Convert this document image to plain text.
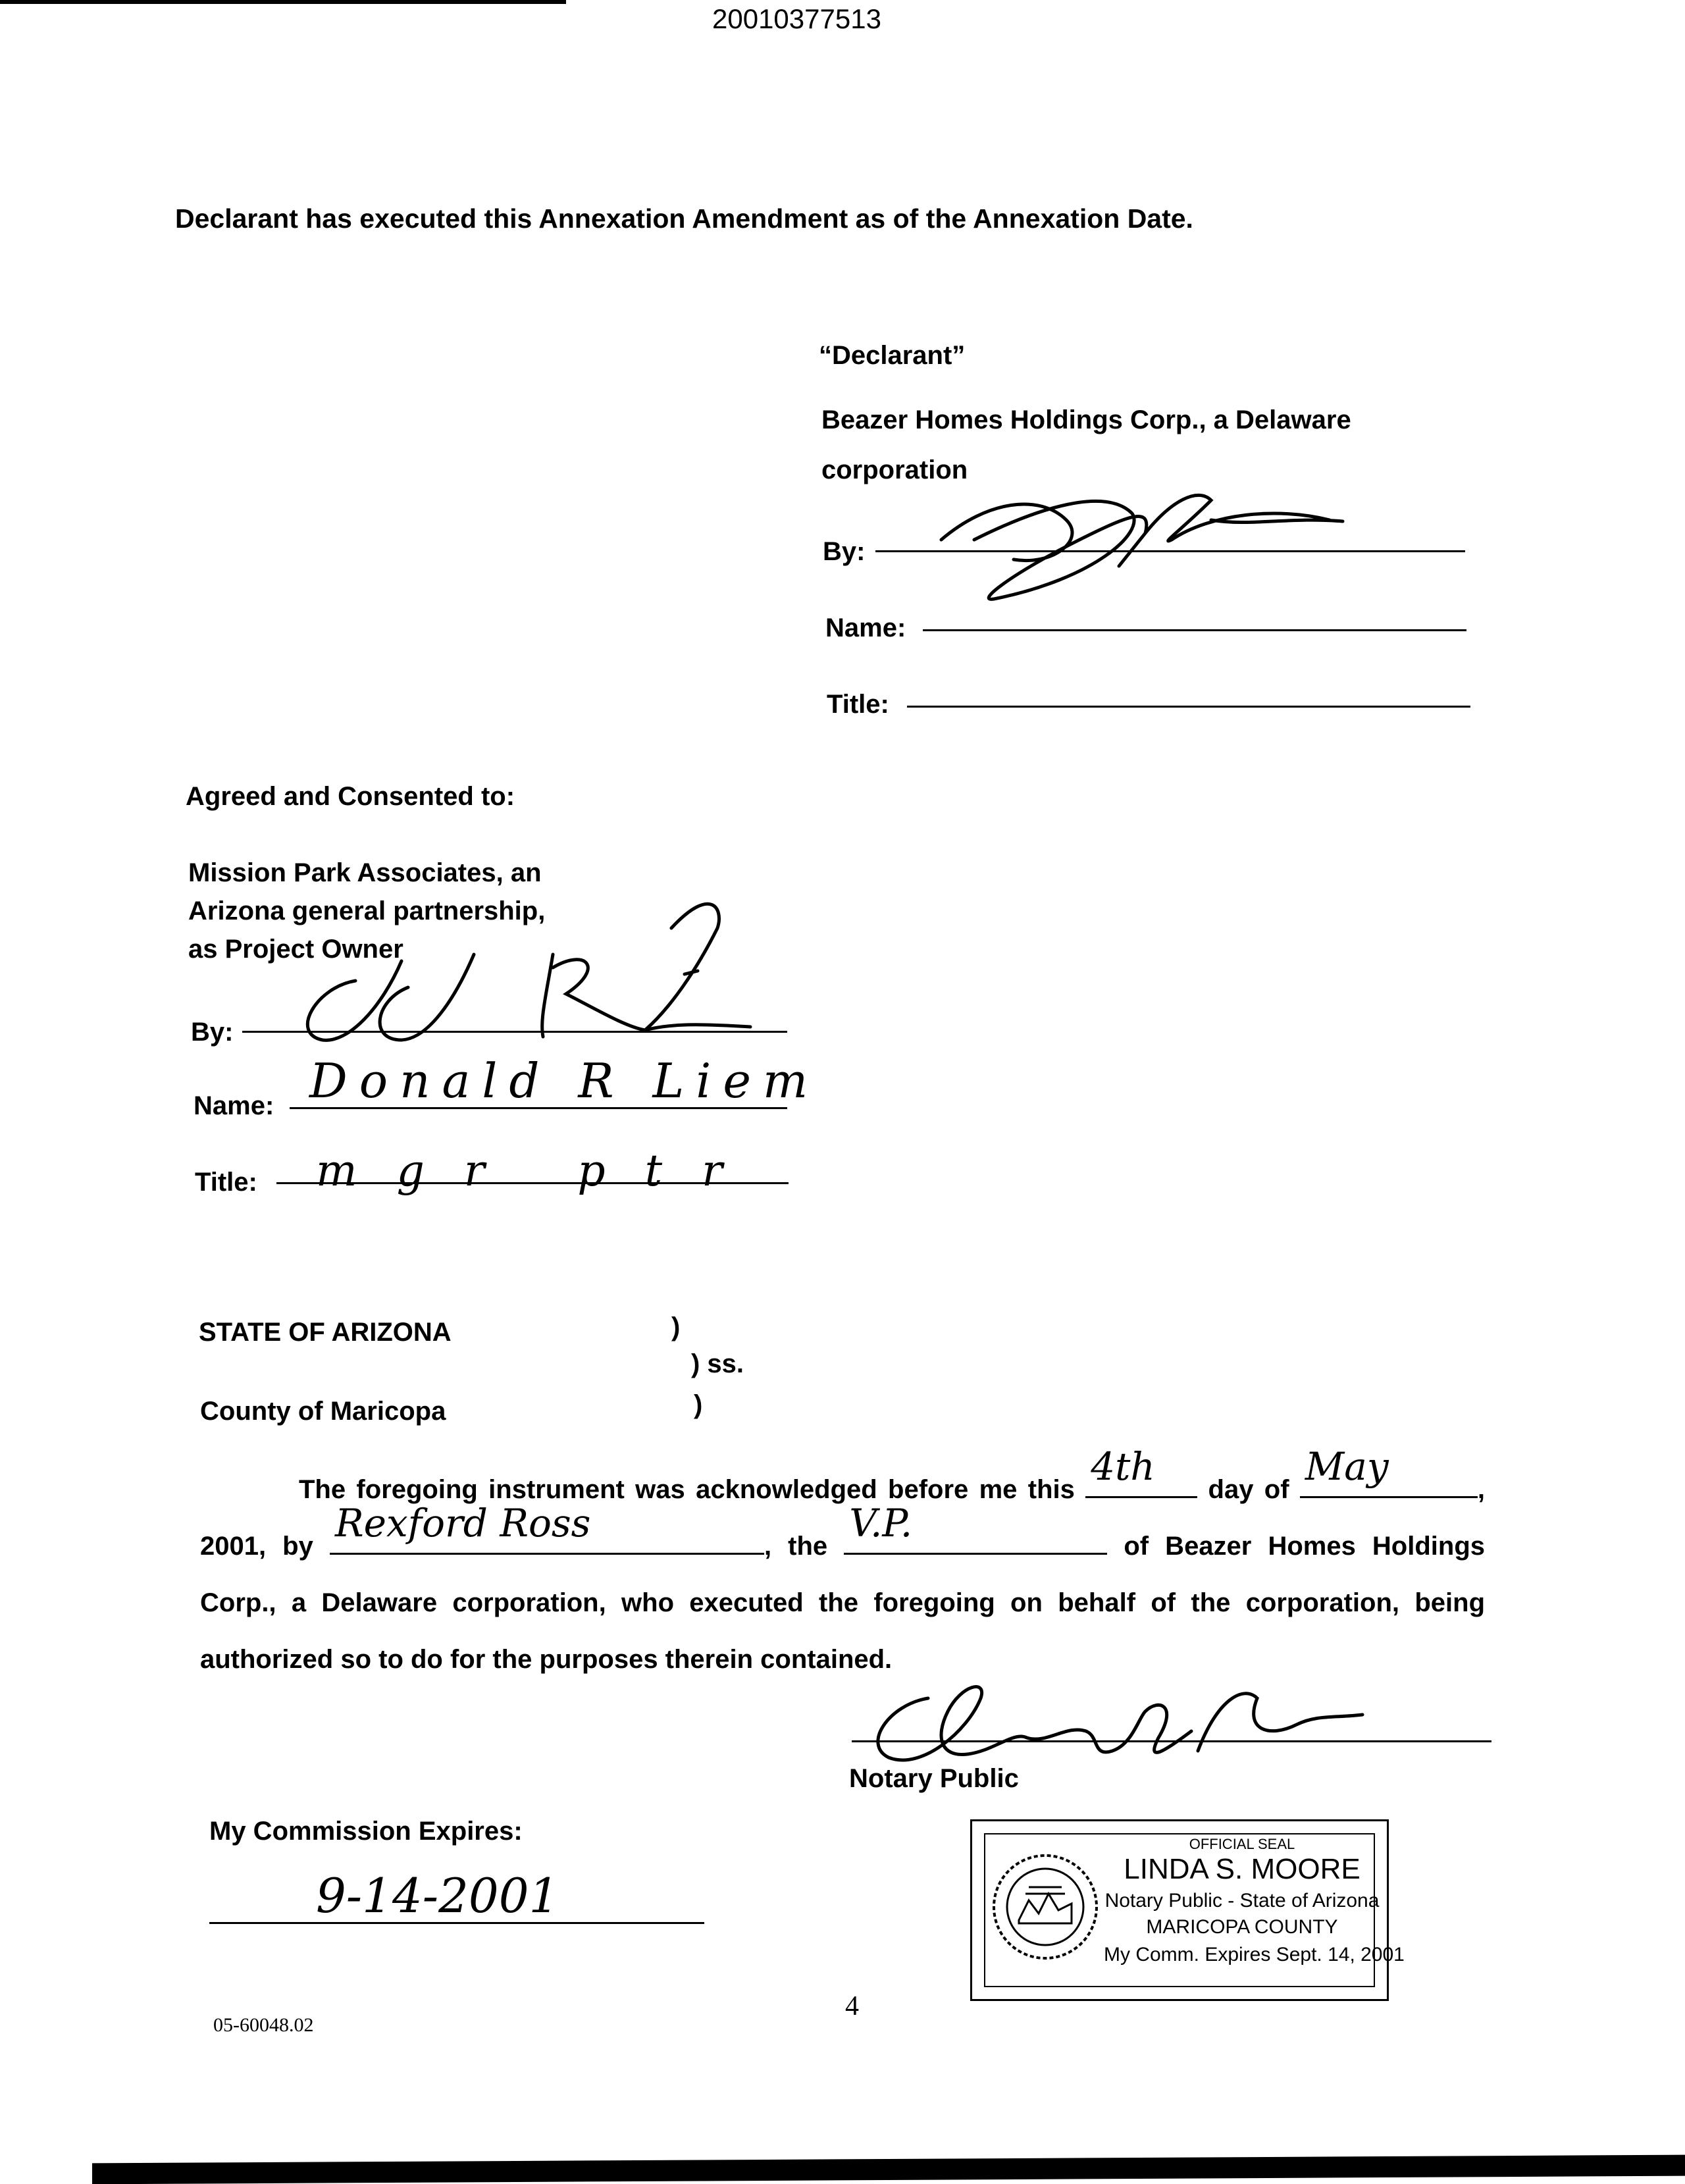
20010377513
Declarant has executed this Annexation Amendment as of the Annexation Date.
“Declarant”
Beazer Homes Holdings Corp., a Delaware
corporation
By:
Name:
Title:
Agreed and Consented to:
Mission Park Associates, an
Arizona general partnership,
as Project Owner
By:
Name: Donald R Liem
Title: mgr ptr
STATE OF ARIZONA	)
) ss.
County of Maricopa	)
The foregoing instrument was acknowledged before me this
4th
day of
May
, 2001, by
Rexford Ross
, the
V.P.
of Beazer Homes Holdings Corp., a Delaware corporation, who executed the foregoing on behalf of the corporation, being authorized so to do for the purposes therein contained.
Notary Public
My Commission Expires:
9-14-2001
OFFICIAL SEAL
LINDA S. MOORE
Notary Public - State of Arizona
MARICOPA COUNTY
My Comm. Expires Sept. 14, 2001
4
05-60048.02
